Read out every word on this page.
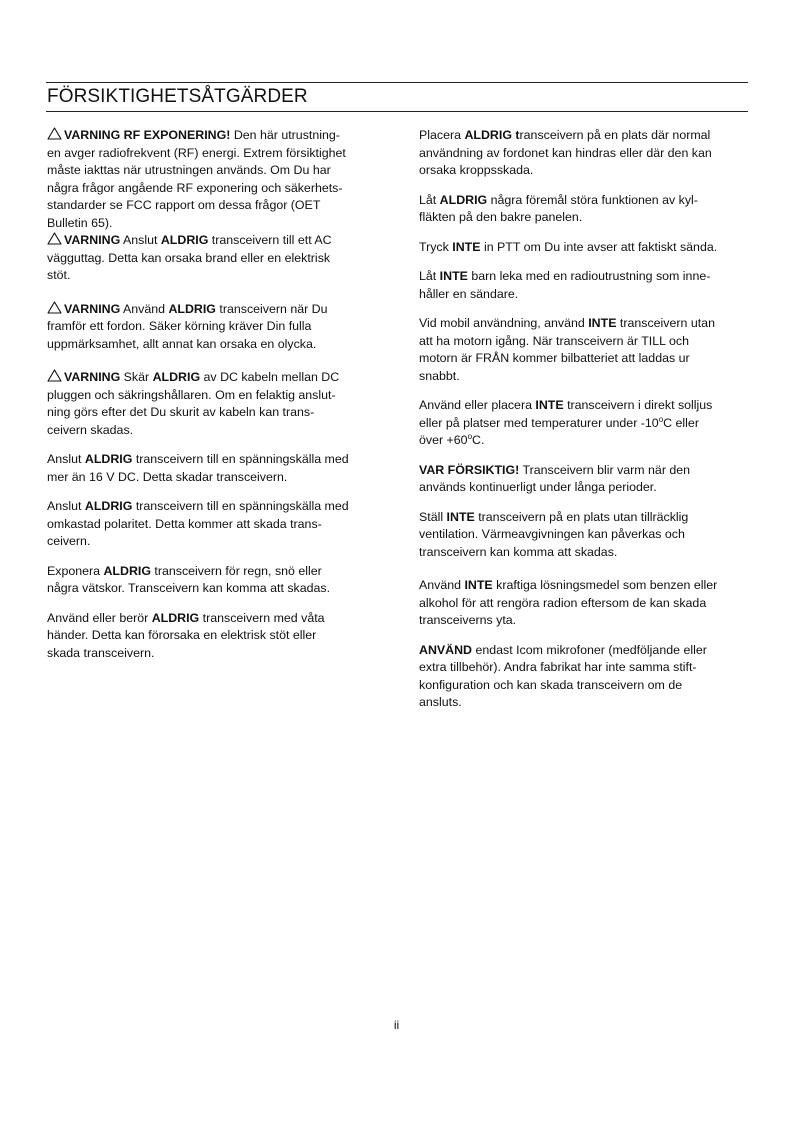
FÖRSIKTIGHETSÅTGÄRDER
VARNING RF EXPONERING! Den här utrustning-
en avger radiofrekvent (RF) energi. Extrem försiktighet
måste iakttas när utrustningen används. Om Du har
några frågor angående RF exponering och säkerhets-
standarder se FCC rapport om dessa frågor (OET
Bulletin 65).
VARNING Anslut ALDRIG transceivern till ett AC
vägguttag. Detta kan orsaka brand eller en elektrisk
stöt.
VARNING Använd ALDRIG transceivern när Du
framför ett fordon. Säker körning kräver Din fulla
uppmärksamhet, allt annat kan orsaka en olycka.
VARNING Skär ALDRIG av DC kabeln mellan DC
pluggen och säkringshållaren. Om en felaktig anslut-
ning görs efter det Du skurit av kabeln kan trans-
ceivern skadas.
Anslut ALDRIG transceivern till en spänningskälla med
mer än 16 V DC. Detta skadar transceivern.
Anslut ALDRIG transceivern till en spänningskälla med
omkastad polaritet. Detta kommer att skada trans-
ceivern.
Exponera ALDRIG transceivern för regn, snö eller
några vätskor. Transceivern kan komma att skadas.
Använd eller berör ALDRIG transceivern med våta
händer. Detta kan förorsaka en elektrisk stöt eller
skada transceivern.
Placera ALDRIG transceivern på en plats där normal
användning av fordonet kan hindras eller där den kan
orsaka kroppsskada.
Låt ALDRIG några föremål störa funktionen av kyl-
fläkten på den bakre panelen.
Tryck INTE in PTT om Du inte avser att faktiskt sända.
Låt INTE barn leka med en radioutrustning som inne-
håller en sändare.
Vid mobil användning, använd INTE transceivern utan
att ha motorn igång. När transceivern är TILL och
motorn är FRÅN kommer bilbatteriet att laddas ur
snabbt.
Använd eller placera INTE transceivern i direkt solljus
eller på platser med temperaturer under -10$^o$C eller
över $+60^oC$.
VAR FÖRSIKTIG! Transceivern blir varm när den
används kontinuerligt under långa perioder.
Ställ INTE transceivern på en plats utan tillräcklig
ventilation. Värmeavgivningen kan påverkas och
transceivern kan komma att skadas.
Använd INTE kraftiga lösningsmedel som benzen eller
alkohol för att rengöra radion eftersom de kan skada
transceiverns yta.
ANVÄND endast Icom mikrofoner (medföljande eller
extra tillbehör). Andra fabrikat har inte samma stift-
konfiguration och kan skada transceivern om de
ansluts.
ii
